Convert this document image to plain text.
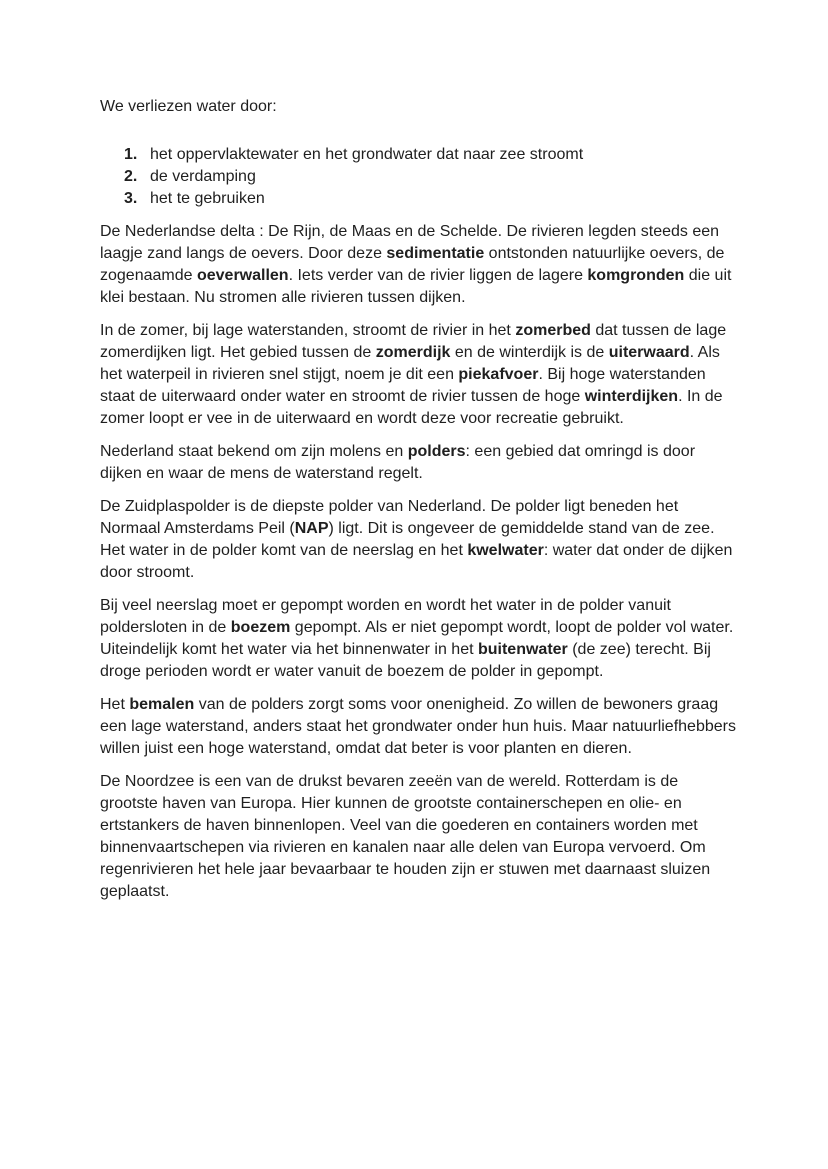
We verliezen water door:

1. het oppervlaktewater en het grondwater dat naar zee stroomt
2. de verdamping
3. het te gebruiken

De Nederlandse delta : De Rijn, de Maas en de Schelde. De rivieren legden steeds een laagje zand langs de oevers. Door deze sedimentatie ontstonden natuurlijke oevers, de zogenaamde oeverwallen. Iets verder van de rivier liggen de lagere komgronden die uit klei bestaan. Nu stromen alle rivieren tussen dijken.

In de zomer, bij lage waterstanden, stroomt de rivier in het zomerbed dat tussen de lage zomerdijken ligt. Het gebied tussen de zomerdijk en de winterdijk is de uiterwaard. Als het waterpeil in rivieren snel stijgt, noem je dit een piekafvoer. Bij hoge waterstanden staat de uiterwaard onder water en stroomt de rivier tussen de hoge winterdijken. In de zomer loopt er vee in de uiterwaard en wordt deze voor recreatie gebruikt.

Nederland staat bekend om zijn molens en polders: een gebied dat omringd is door dijken en waar de mens de waterstand regelt.

De Zuidplaspolder is de diepste polder van Nederland. De polder ligt beneden het Normaal Amsterdams Peil (NAP) ligt. Dit is ongeveer de gemiddelde stand van de zee. Het water in de polder komt van de neerslag en het kwelwater: water dat onder de dijken door stroomt.

Bij veel neerslag moet er gepompt worden en wordt het water in de polder vanuit poldersloten in de boezem gepompt. Als er niet gepompt wordt, loopt de polder vol water. Uiteindelijk komt het water via het binnenwater in het buitenwater (de zee) terecht. Bij droge perioden wordt er water vanuit de boezem de polder in gepompt.

Het bemalen van de polders zorgt soms voor onenigheid. Zo willen de bewoners graag een lage waterstand, anders staat het grondwater onder hun huis. Maar natuurliefhebbers willen juist een hoge waterstand, omdat dat beter is voor planten en dieren.

De Noordzee is een van de drukst bevaren zeeën van de wereld. Rotterdam is de grootste haven van Europa. Hier kunnen de grootste containerschepen en olie- en ertstankers de haven binnenlopen. Veel van die goederen en containers worden met binnenvaartschepen via rivieren en kanalen naar alle delen van Europa vervoerd. Om regenrivieren het hele jaar bevaarbaar te houden zijn er stuwen met daarnaast sluizen geplaatst.
